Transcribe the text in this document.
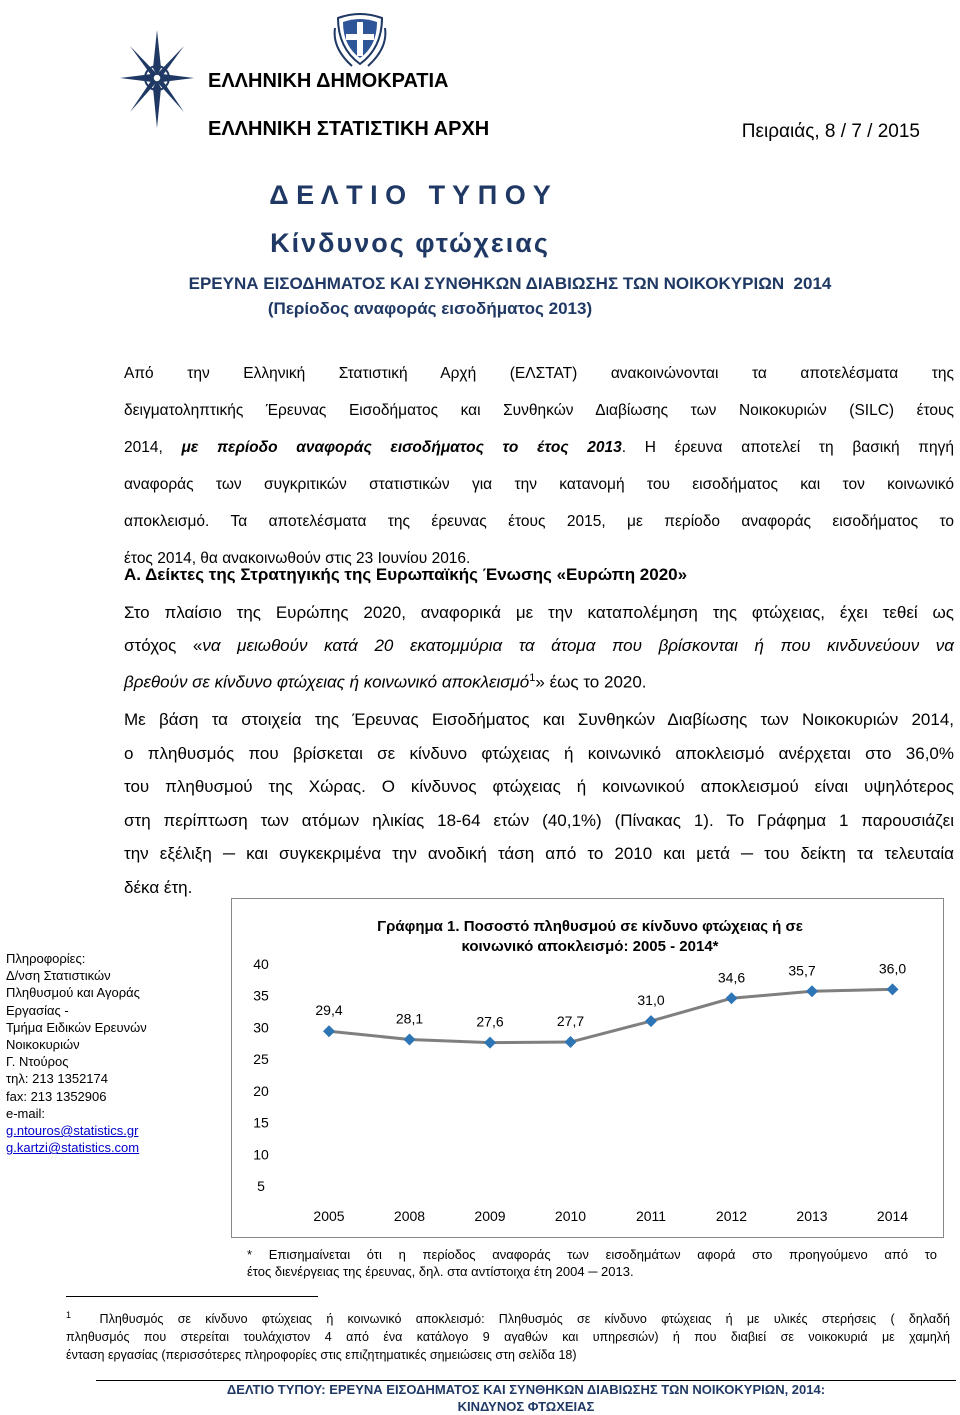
ΕΛΛΗΝΙΚΗ ΔΗΜΟΚΡΑΤΙΑ
ΕΛΛΗΝΙΚΗ ΣΤΑΤΙΣΤΙΚΗ ΑΡΧΗ	Πειραιάς, 8 / 7 / 2015
Δ Ε Λ Τ Ι Ο   Τ Υ Π Ο Υ
Κίνδυνος φτώχειας
ΕΡΕΥΝΑ ΕΙΣΟΔΗΜΑΤΟΣ ΚΑΙ ΣΥΝΘΗΚΩΝ ΔΙΑΒΙΩΣΗΣ ΤΩΝ ΝΟΙΚΟΚΥΡΙΩΝ  2014
(Περίοδος αναφοράς εισοδήματος 2013)
Από την Ελληνική Στατιστική Αρχή (ΕΛΣΤΑΤ) ανακοινώνονται τα αποτελέσματα της
δειγματοληπτικής Έρευνας Εισοδήματος και Συνθηκών Διαβίωσης των Νοικοκυριών (SILC) έτους
2014, με περίοδο αναφοράς εισοδήματος το έτος 2013. Η έρευνα αποτελεί τη βασική πηγή
αναφοράς των συγκριτικών στατιστικών για την κατανομή του εισοδήματος και τον κοινωνικό
αποκλεισμό. Τα αποτελέσματα της έρευνας έτους 2015, με περίοδο αναφοράς εισοδήματος το
έτος 2014, θα ανακοινωθούν στις 23 Ιουνίου 2016.
Α. Δείκτες της Στρατηγικής της Ευρωπαϊκής Ένωσης «Ευρώπη 2020»
Στο πλαίσιο της Ευρώπης 2020, αναφορικά με την καταπολέμηση της φτώχειας, έχει τεθεί ως
στόχος «να μειωθούν κατά 20 εκατομμύρια τα άτομα που βρίσκονται ή που κινδυνεύουν να
βρεθούν σε κίνδυνο φτώχειας ή κοινωνικό αποκλεισμό$^1$» έως το 2020.
Με βάση τα στοιχεία της Έρευνας Εισοδήματος και Συνθηκών Διαβίωσης των Νοικοκυριών 2014,
ο πληθυσμός που βρίσκεται σε κίνδυνο φτώχειας ή κοινωνικό αποκλεισμό ανέρχεται στο 36,0%
του πληθυσμού της Χώρας. Ο κίνδυνος φτώχειας ή κοινωνικού αποκλεισμού είναι υψηλότερος
στη περίπτωση των ατόμων ηλικίας 18-64 ετών (40,1%) (Πίνακας 1). Το Γράφημα 1 παρουσιάζει
την εξέλιξη ─ και συγκεκριμένα την ανοδική τάση από το 2010 και μετά ─ του δείκτη τα τελευταία
δέκα έτη.
Πληροφορίες:
Δ/νση Στατιστικών
Πληθυσμού και Αγοράς
Εργασίας -
Τμήμα Ειδικών Ερευνών
Νοικοκυριών
Γ. Ντούρος
τηλ: 213 1352174
fax: 213 1352906
e-mail:
g.ntouros@statistics.gr
g.kartzi@statistics.com
Γράφημα 1. Ποσοστό πληθυσμού σε κίνδυνο φτώχειας ή σε
κοινωνικό αποκλεισμό: 2005 - 2014*
40
35
30
25
20
15
10
5
2005	2008	2009	2010	2011	2012	2013	2014
29,4
28,1	27,6	27,7
31,0
34,6	35,7	36,0
* Επισημαίνεται ότι η περίοδος αναφοράς των εισοδημάτων αφορά στο προηγούμενο από το
έτος διενέργειας της έρευνας, δηλ. στα αντίστοιχα έτη 2004 ─ 2013.
$^1$ Πληθυσμός σε κίνδυνο φτώχειας ή κοινωνικό αποκλεισμό: Πληθυσμός σε κίνδυνο φτώχειας ή με υλικές στερήσεις ( δηλαδή
πληθυσμός που στερείται τουλάχιστον 4 από ένα κατάλογο 9 αγαθών και υπηρεσιών) ή που διαβιεί σε νοικοκυριά με χαμηλή
ένταση εργασίας (περισσότερες πληροφορίες στις επιζητηματικές σημειώσεις στη σελίδα 18)
ΔΕΛΤΙΟ ΤΥΠΟΥ: ΕΡΕΥΝΑ ΕΙΣΟΔΗΜΑΤΟΣ ΚΑΙ ΣΥΝΘΗΚΩΝ ΔΙΑΒΙΩΣΗΣ ΤΩΝ ΝΟΙΚΟΚΥΡΙΩΝ, 2014:
ΚΙΝΔΥΝΟΣ ΦΤΩΧΕΙΑΣ
